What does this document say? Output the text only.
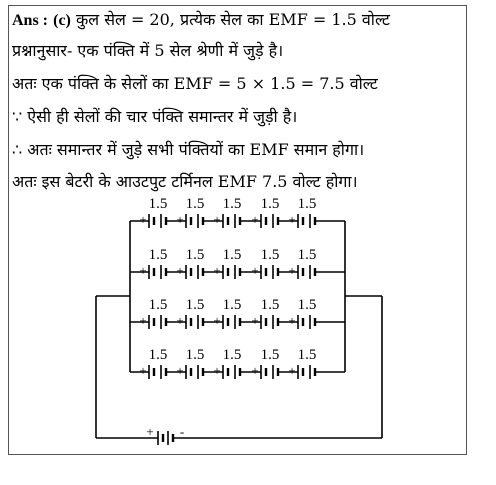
Ans : (c) कुल सेल = 20, प्रत्येक सेल का EMF = 1.5 वोल्ट
प्रश्नानुसार- एक पंक्ति में 5 सेल श्रेणी में जुड़े है।
अतः एक पंक्ति के सेलों का EMF = 5 × 1.5 = 7.5 वोल्ट
∵ ऐसी ही सेलों की चार पंक्ति समान्तर में जुड़ी है।
∴ अतः समान्तर में जुड़े सभी पंक्तियों का EMF समान होगा।
अतः इस बेटरी के आउटपुट टर्मिनल EMF 7.5 वोल्ट होगा।
1.5
+ -
1.5
+ -
1.5
+ -
1.5
+ -
1.5
+ -
1.5
+ -
1.5
+ -
1.5
+ -
1.5
+ -
1.5
+ -
1.5
+ -
1.5
+ -
1.5
+ -
1.5
+ -
1.5
+ -
1.5
+ -
1.5
+ -
1.5
+ -
1.5
+ -
1.5
+ -
+ -
